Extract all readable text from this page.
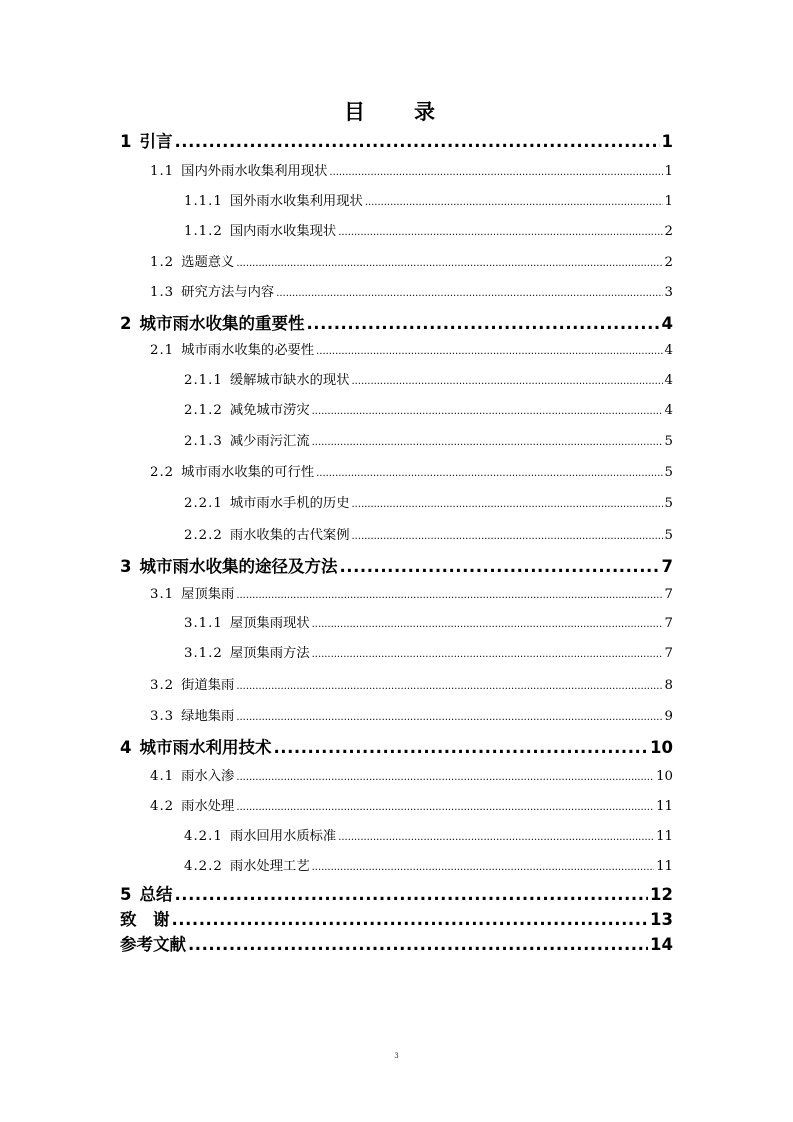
目　录
1 引言 . . .	1
1.1 国内外雨水收集利用现状 . . .	1
1.1.1 国外雨水收集利用现状 . . .	1
1.1.2 国内雨水收集现状 . . .	2
1.2 选题意义 . . .	2
1.3 研究方法与内容 . . .	3
2 城市雨水收集的重要性 . . .	4
2.1 城市雨水收集的必要性 . . .	4
2.1.1 缓解城市缺水的现状 . . .	4
2.1.2 减免城市涝灾 . . .	4
2.1.3 减少雨污汇流 . . .	5
2.2 城市雨水收集的可行性 . . .	5
2.2.1 城市雨水手机的历史 . . .	5
2.2.2 雨水收集的古代案例 . . .	5
3 城市雨水收集的途径及方法 . . .	7
3.1 屋顶集雨 . . .	7
3.1.1 屋顶集雨现状 . . .	7
3.1.2 屋顶集雨方法 . . .	7
3.2 街道集雨 . . .	8
3.3 绿地集雨 . . .	9
4 城市雨水利用技术 . . .	10
4.1 雨水入渗 . . .	10
4.2 雨水处理 . . .	11
4.2.1 雨水回用水质标准 . . .	11
4.2.2 雨水处理工艺 . . .	11
5 总结 . . .	12
致　谢 . . .	13
参考文献 . . .	14
3
